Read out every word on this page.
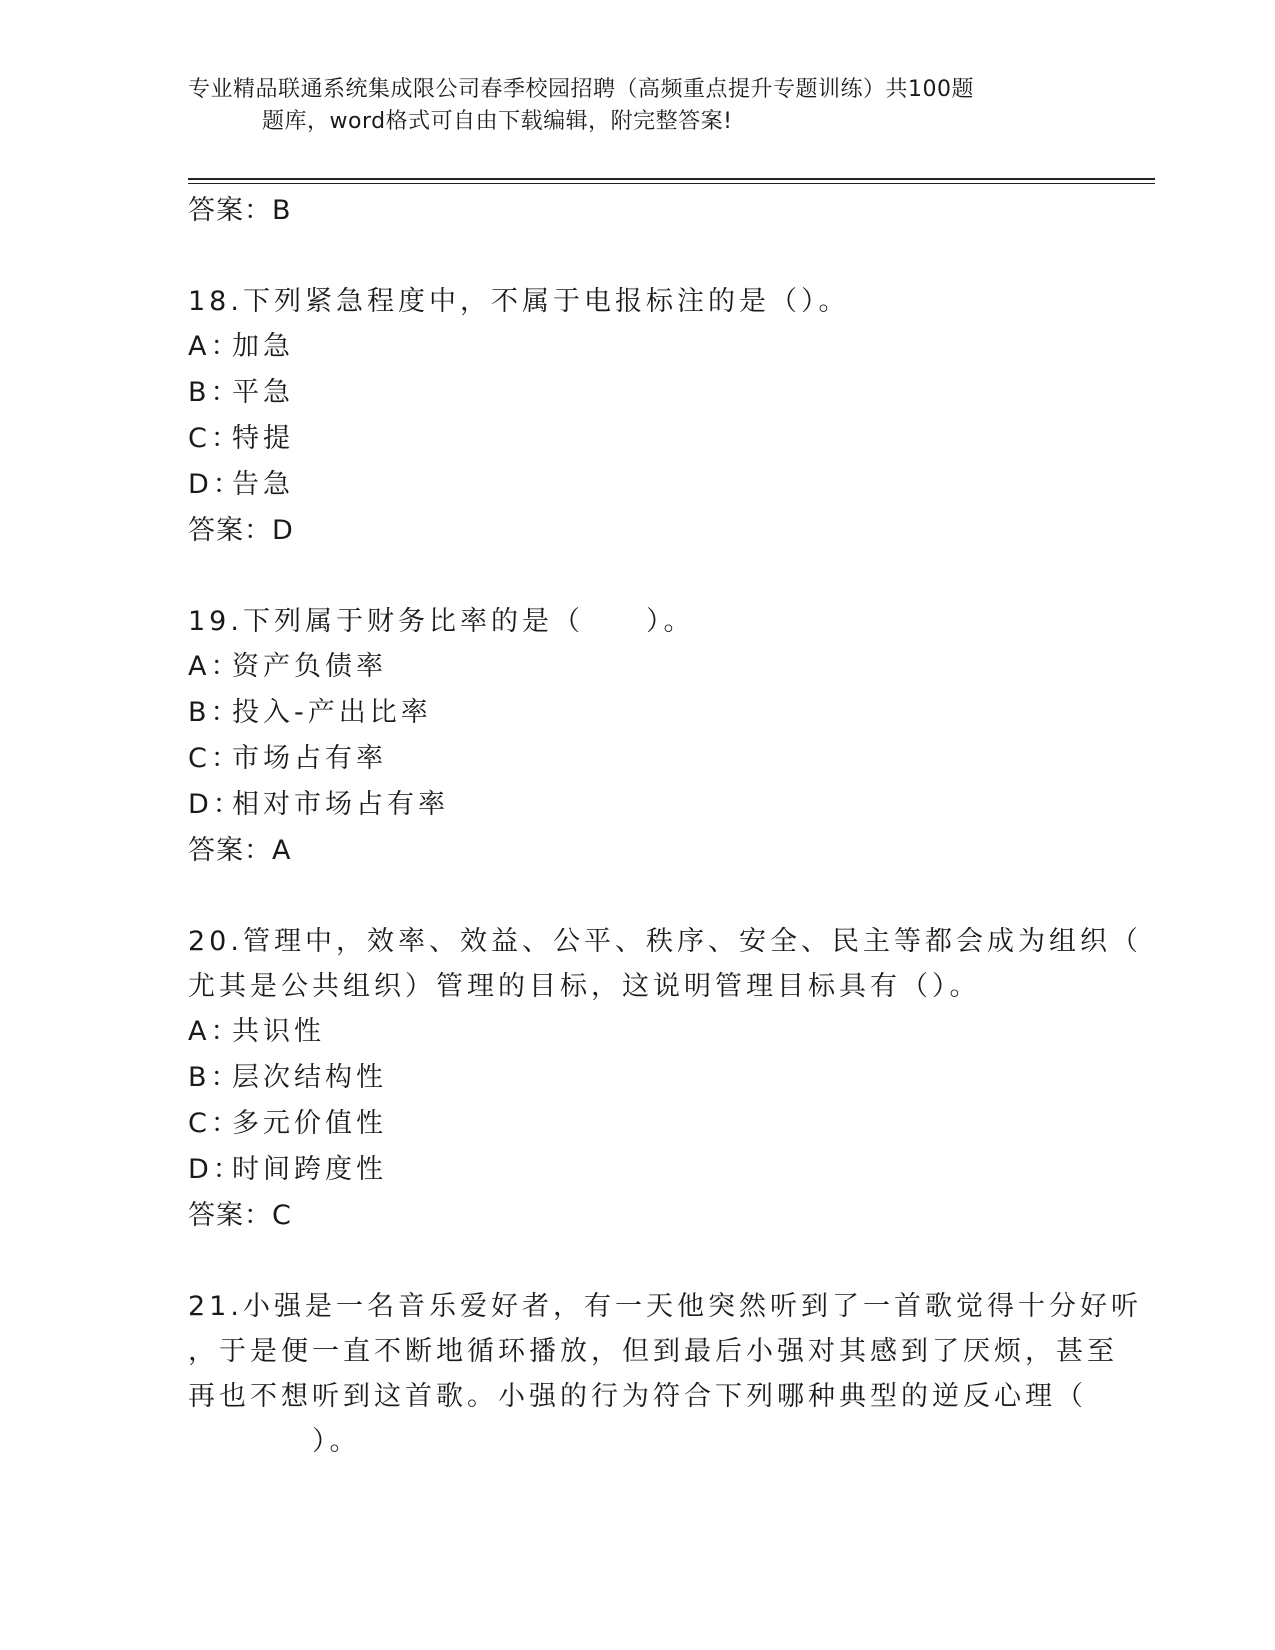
专业精品联通系统集成限公司春季校园招聘（高频重点提升专题训练）共100题
题库，word格式可自由下载编辑，附完整答案!
答案：B
18.下列紧急程度中，不属于电报标注的是（）。
A：加急
B：平急
C：特提
D：告急
答案：D
19.下列属于财务比率的是（　　）。
A：资产负债率
B：投入-产出比率
C：市场占有率
D：相对市场占有率
答案：A
20.管理中，效率、效益、公平、秩序、安全、民主等都会成为组织（
尤其是公共组织）管理的目标，这说明管理目标具有（）。
A：共识性
B：层次结构性
C：多元价值性
D：时间跨度性
答案：C
21.小强是一名音乐爱好者，有一天他突然听到了一首歌觉得十分好听
，于是便一直不断地循环播放，但到最后小强对其感到了厌烦，甚至
再也不想听到这首歌。小强的行为符合下列哪种典型的逆反心理（
　　　　）。
